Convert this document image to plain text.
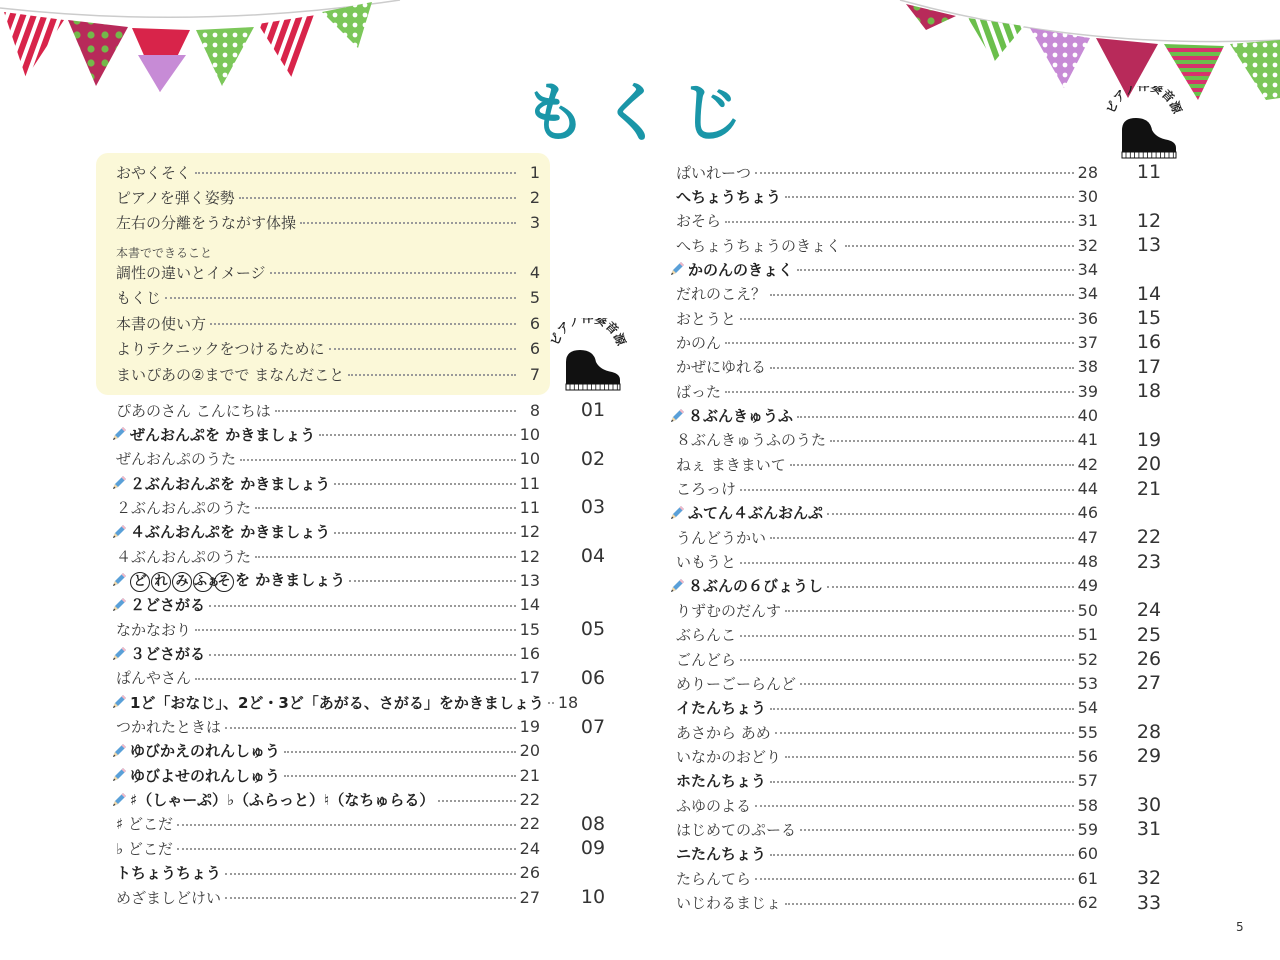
もくじ
本書でできること
ピアノ伴奏音源
ピアノ伴奏音源
おやくそく	1
ピアノを弾く姿勢	2
左右の分離をうながす体操	3
調性の違いとイメージ	4
もくじ	5
本書の使い方	6
よりテクニックをつけるために	6
まいぴあの②までで まなんだこと	7
ぴあのさん こんにちは	8	01
ぜんおんぷを かきましょう	10
ぜんおんぷのうた	10	02
２ぶんおんぷを かきましょう	11
２ぶんおんぷのうた	11	03
４ぶんおんぷを かきましょう	12
４ぶんおんぷのうた	12	04
ど れ み ふぁそ を かきましょう	13
２どさがる	14
なかなおり	15	05
３どさがる	16
ぱんやさん	17	06
1ど「おなじ」、2ど・3ど「あがる、さがる」をかきましょう 18
つかれたときは	19	07
ゆびかえのれんしゅう	20
ゆびよせのれんしゅう	21
♯（しゃーぷ）♭（ふらっと）♮（なちゅらる）	22
♯ どこだ	22	08
♭ どこだ	24	09
トちょうちょう	26
めざましどけい	27	10
ぱいれーつ	28	11
へちょうちょう	30
おそら	31	12
へちょうちょうのきょく	32	13
かのんのきょく	34
だれのこえ？	34	14
おとうと	36	15
かのん	37	16
かぜにゆれる	38	17
ばった	39	18
８ぶんきゅうふ	40
８ぶんきゅうふのうた	41	19
ねぇ まきまいて	42	20
ころっけ	44	21
ふてん４ぶんおんぷ	46
うんどうかい	47	22
いもうと	48	23
８ぶんの６びょうし	49
りずむのだんす	50	24
ぶらんこ	51	25
ごんどら	52	26
めりーごーらんど	53	27
イたんちょう	54
あさから あめ	55	28
いなかのおどり	56	29
ホたんちょう	57
ふゆのよる	58	30
はじめてのぷーる	59	31
ニたんちょう	60
たらんてら	61	32
いじわるまじょ	62	33
5
